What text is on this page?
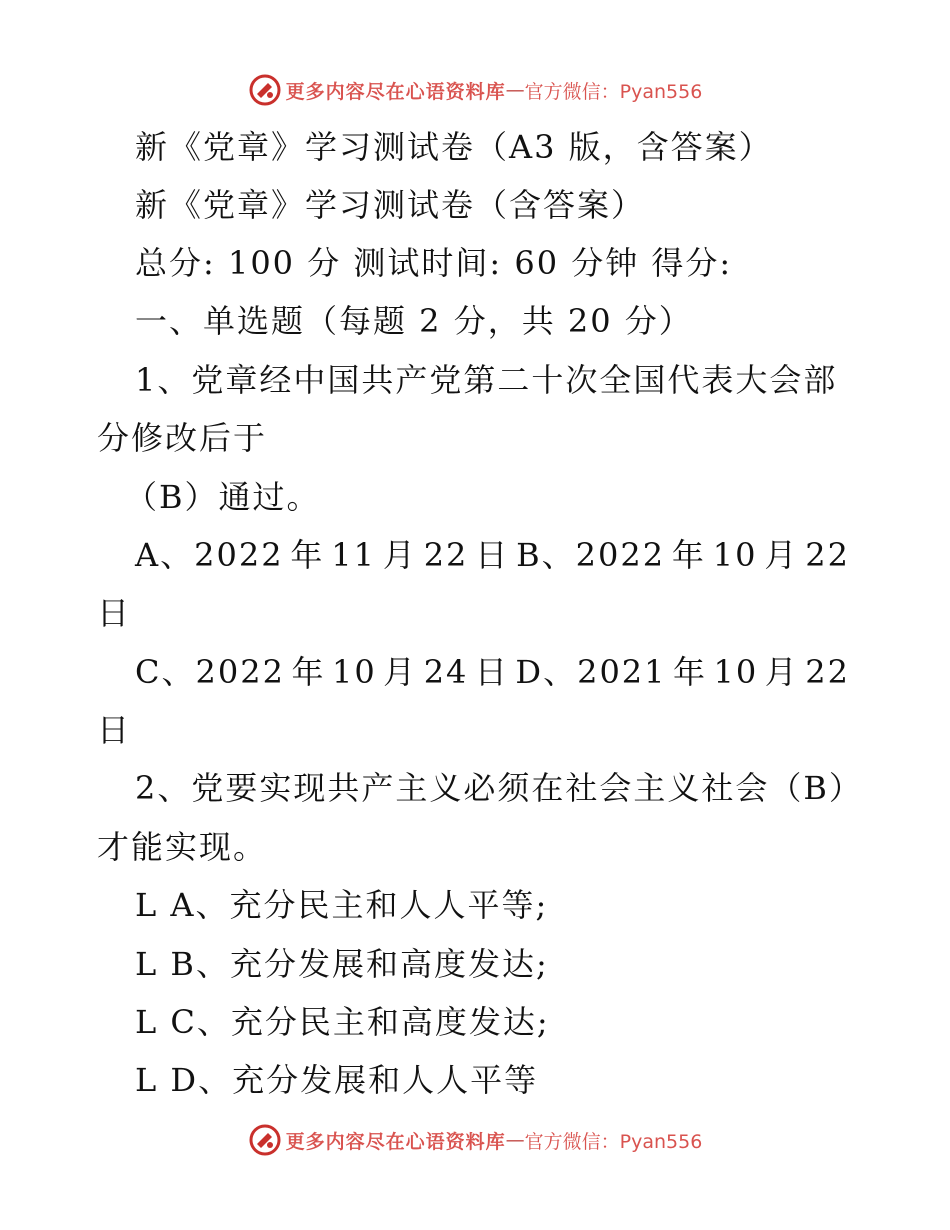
更多内容尽在心语资料库 — 官方微信：Pyan556
新《党章》学习测试卷（A3 版，含答案）
新《党章》学习测试卷（含答案）
总分: 100 分 测试时间: 60 分钟 得分:
一、单选题（每题 2 分，共 20 分）
1、党章经中国共产党第二十次全国代表大会部
分修改后于
（B）通过。
A、2022 年 11 月 22 日 B、2022 年 10 月 22
日
C、2022 年 10 月 24 日 D、2021 年 10 月 22
日
2、党要实现共产主义必须在社会主义社会（B）
才能实现。
L A、充分民主和人人平等;
L B、充分发展和高度发达;
L C、充分民主和高度发达;
L D、充分发展和人人平等
更多内容尽在心语资料库 — 官方微信：Pyan556
